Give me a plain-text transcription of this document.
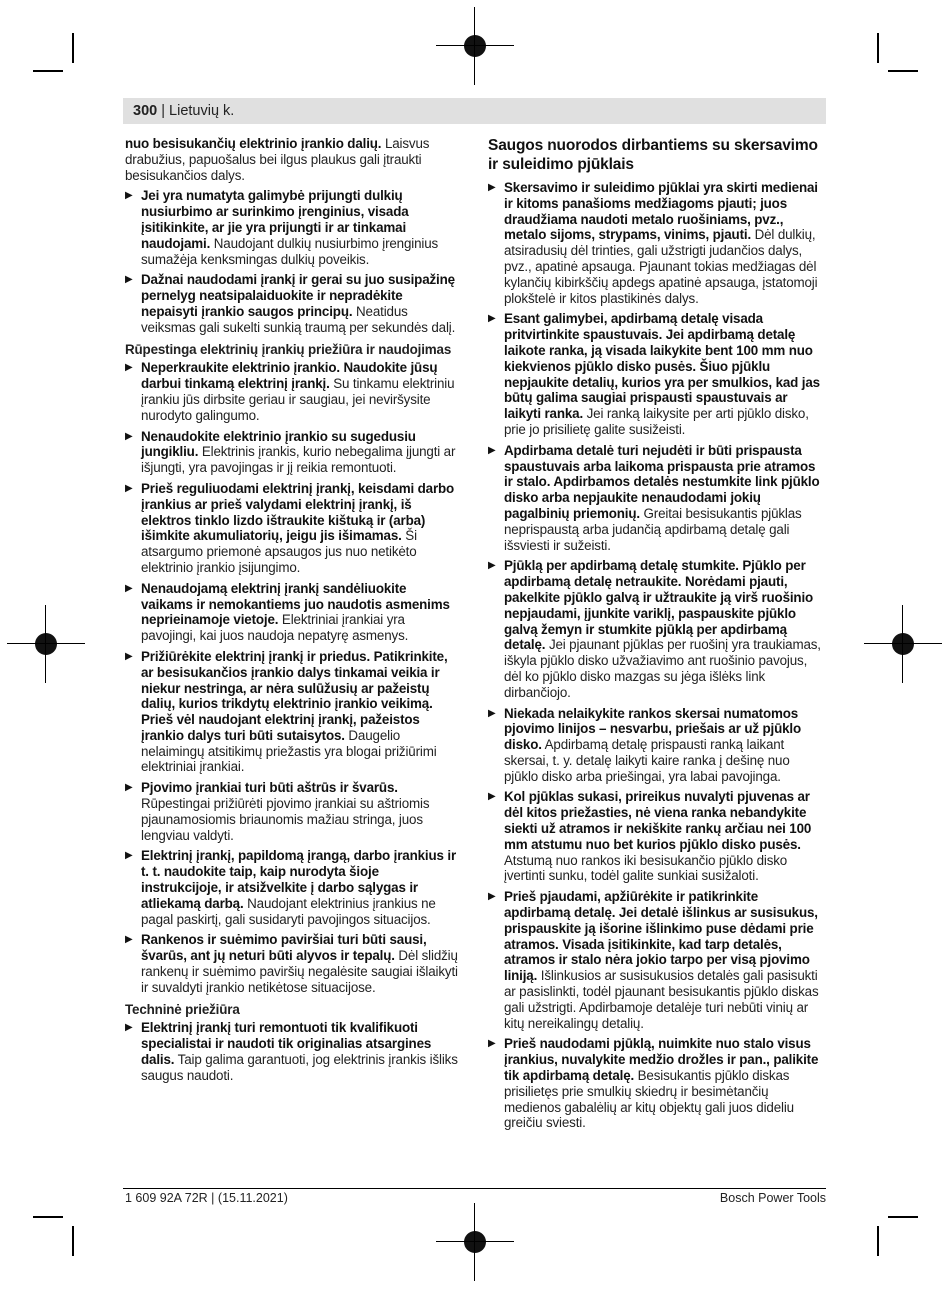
300 | Lietuvių k.

nuo besisukančių elektrinio įrankio dalių. Laisvus drabužius, papuošalus bei ilgus plaukus gali įtraukti besisukančios dalys.

▶ Jei yra numatyta galimybė prijungti dulkių nusiurbimo ar surinkimo įrenginius, visada įsitikinkite, ar jie yra prijungti ir ar tinkamai naudojami. Naudojant dulkių nusiurbimo įrenginius sumažėja kenksmingas dulkių poveikis.
▶ Dažnai naudodami įrankį ir gerai su juo susipažinę pernelyg neatsipalaiduokite ir nepradėkite nepaisyti įrankio saugos principų. Neatidus veiksmas gali sukelti sunkią traumą per sekundės dalį.
Rūpestinga elektrinių įrankių priežiūra ir naudojimas
▶ Neperkraukite elektrinio įrankio. Naudokite jūsų darbui tinkamą elektrinį įrankį. Su tinkamu elektriniu įrankiu jūs dirbsite geriau ir saugiau, jei neviršysite nurodyto galingumo.
▶ Nenaudokite elektrinio įrankio su sugedusiu jungikliu. Elektrinis įrankis, kurio nebegalima įjungti ar išjungti, yra pavojingas ir jį reikia remontuoti.
▶ Prieš reguliuodami elektrinį įrankį, keisdami darbo įrankius ar prieš valydami elektrinį įrankį, iš elektros tinklo lizdo ištraukite kištuką ir (arba) išimkite akumuliatorių, jeigu jis išimamas. Ši atsargumo priemonė apsaugos jus nuo netikėto elektrinio įrankio įsijungimo.
▶ Nenaudojamą elektrinį įrankį sandėliuokite vaikams ir nemokantiems juo naudotis asmenims neprieinamoje vietoje. Elektriniai įrankiai yra pavojingi, kai juos naudoja nepatyrę asmenys.
▶ Prižiūrėkite elektrinį įrankį ir priedus. Patikrinkite, ar besisukančios įrankio dalys tinkamai veikia ir niekur nestringa, ar nėra sulūžusių ar pažeistų dalių, kurios trikdytų elektrinio įrankio veikimą. Prieš vėl naudojant elektrinį įrankį, pažeistos įrankio dalys turi būti sutaisytos. Daugelio nelaimingų atsitikimų priežastis yra blogai prižiūrimi elektriniai įrankiai.
▶ Pjovimo įrankiai turi būti aštrūs ir švarūs. Rūpestingai prižiūrėti pjovimo įrankiai su aštriomis pjaunamosiomis briaunomis mažiau stringa, juos lengviau valdyti.
▶ Elektrinį įrankį, papildomą įrangą, darbo įrankius ir t. t. naudokite taip, kaip nurodyta šioje instrukcijoje, ir atsižvelkite į darbo sąlygas ir atliekamą darbą. Naudojant elektrinius įrankius ne pagal paskirtį, gali susidaryti pavojingos situacijos.
▶ Rankenos ir suėmimo paviršiai turi būti sausi, švarūs, ant jų neturi būti alyvos ir tepalų. Dėl slidžių rankenų ir suėmimo paviršių negalėsite saugiai išlaikyti ir suvaldyti įrankio netikėtose situacijose.
Techninė priežiūra
▶ Elektrinį įrankį turi remontuoti tik kvalifikuoti specialistai ir naudoti tik originalias atsargines dalis. Taip galima garantuoti, jog elektrinis įrankis išliks saugus naudoti.
Saugos nuorodos dirbantiems su skersavimo ir suleidimo pjūklais
▶ Skersavimo ir suleidimo pjūklai yra skirti medienai ir kitoms panašioms medžiagoms pjauti; juos draudžiama naudoti metalo ruošiniams, pvz., metalo sijoms, strypams, vinims, pjauti. Dėl dulkių, atsiradusių dėl trinties, gali užstrigti judančios dalys, pvz., apatinė apsauga. Pjaunant tokias medžiagas dėl kylančių kibirkščių apdegs apatinė apsauga, įstatomoji plokštelė ir kitos plastikinės dalys.
▶ Esant galimybei, apdirbamą detalę visada pritvirtinkite spaustuvais. Jei apdirbamą detalę laikote ranka, ją visada laikykite bent 100 mm nuo kiekvienos pjūklo disko pusės. Šiuo pjūklu nepjaukite detalių, kurios yra per smulkios, kad jas būtų galima saugiai prispausti spaustuvais ar laikyti ranka. Jei ranką laikysite per arti pjūklo disko, prie jo prisilietę galite susižeisti.
▶ Apdirbama detalė turi nejudėti ir būti prispausta spaustuvais arba laikoma prispausta prie atramos ir stalo. Apdirbamos detalės nestumkite link pjūklo disko arba nepjaukite nenaudodami jokių pagalbinių priemonių. Greitai besisukantis pjūklas neprispaustą arba judančią apdirbamą detalę gali išsviesti ir sužeisti.
▶ Pjūklą per apdirbamą detalę stumkite. Pjūklo per apdirbamą detalę netraukite. Norėdami pjauti, pakelkite pjūklo galvą ir užtraukite ją virš ruošinio nepjaudami, įjunkite variklį, paspauskite pjūklo galvą žemyn ir stumkite pjūklą per apdirbamą detalę. Jei pjaunant pjūklas per ruošinį yra traukiamas, iškyla pjūklo disko užvažiavimo ant ruošinio pavojus, dėl ko pjūklo disko mazgas su jėga išlėks link dirbančiojo.
▶ Niekada nelaikykite rankos skersai numatomos pjovimo linijos – nesvarbu, priešais ar už pjūklo disko. Apdirbamą detalę prispausti ranką laikant skersai, t. y. detalę laikyti kaire ranka į dešinę nuo pjūklo disko arba priešingai, yra labai pavojinga.
▶ Kol pjūklas sukasi, prireikus nuvalyti pjuvenas ar dėl kitos priežasties, nė viena ranka nebandykite siekti už atramos ir nekiškite rankų arčiau nei 100 mm atstumu nuo bet kurios pjūklo disko pusės. Atstumą nuo rankos iki besisukančio pjūklo disko įvertinti sunku, todėl galite sunkiai susižaloti.
▶ Prieš pjaudami, apžiūrėkite ir patikrinkite apdirbamą detalę. Jei detalė išlinkus ar susisukus, prispauskite ją išorine išlinkimo puse dėdami prie atramos. Visada įsitikinkite, kad tarp detalės, atramos ir stalo nėra jokio tarpo per visą pjovimo liniją. Išlinkusios ar susisukusios detalės gali pasisukti ar pasislinkti, todėl pjaunant besisukantis pjūklo diskas gali užstrigti. Apdirbamoje detalėje turi nebūti vinių ar kitų nereikalingų detalių.
▶ Prieš naudodami pjūklą, nuimkite nuo stalo visus įrankius, nuvalykite medžio drožles ir pan., palikite tik apdirbamą detalę. Besisukantis pjūklo diskas prisilietęs prie smulkių skiedrų ir besimėtančių medienos gabalėlių ar kitų objektų gali juos dideliu greičiu sviesti.
1 609 92A 72R | (15.11.2021)	Bosch Power Tools
